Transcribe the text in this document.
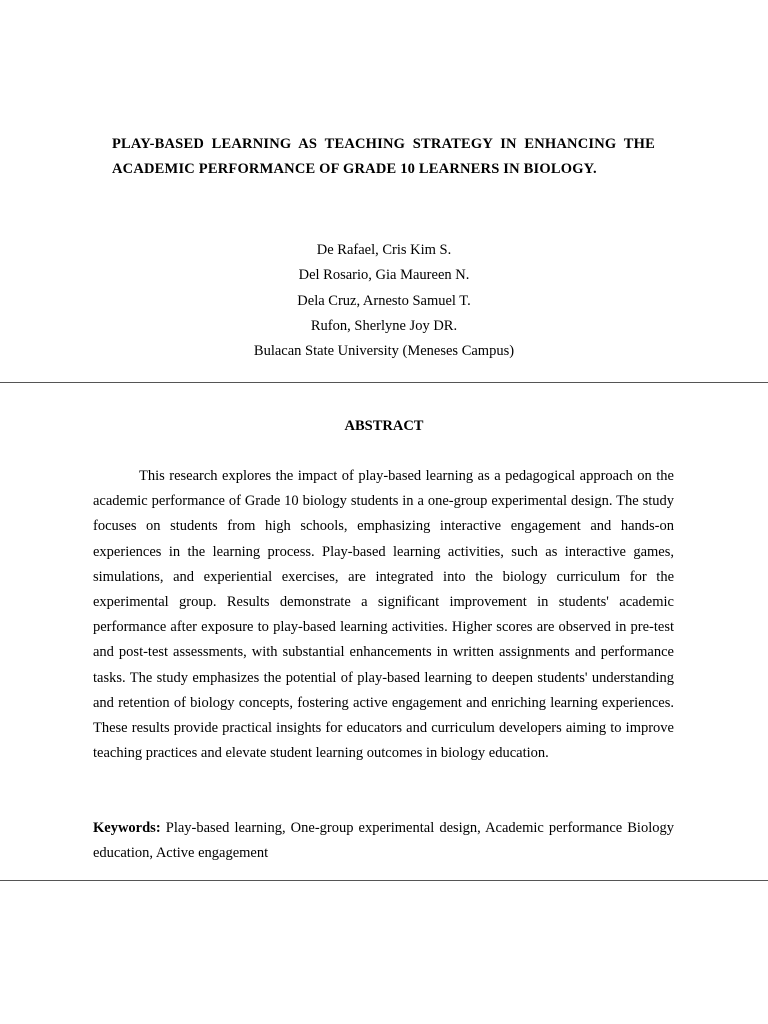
PLAY-BASED LEARNING AS TEACHING STRATEGY IN ENHANCING THE ACADEMIC PERFORMANCE OF GRADE 10 LEARNERS IN BIOLOGY.
De Rafael, Cris Kim S.
Del Rosario, Gia Maureen N.
Dela Cruz, Arnesto Samuel T.
Rufon, Sherlyne Joy DR.
Bulacan State University (Meneses Campus)
ABSTRACT

This research explores the impact of play-based learning as a pedagogical approach on the academic performance of Grade 10 biology students in a one-group experimental design. The study focuses on students from high schools, emphasizing interactive engagement and hands-on experiences in the learning process. Play-based learning activities, such as interactive games, simulations, and experiential exercises, are integrated into the biology curriculum for the experimental group. Results demonstrate a significant improvement in students' academic performance after exposure to play-based learning activities. Higher scores are observed in pre-test and post-test assessments, with substantial enhancements in written assignments and performance tasks. The study emphasizes the potential of play-based learning to deepen students' understanding and retention of biology concepts, fostering active engagement and enriching learning experiences. These results provide practical insights for educators and curriculum developers aiming to improve teaching practices and elevate student learning outcomes in biology education.

Keywords: Play-based learning, One-group experimental design, Academic performance Biology education, Active engagement
